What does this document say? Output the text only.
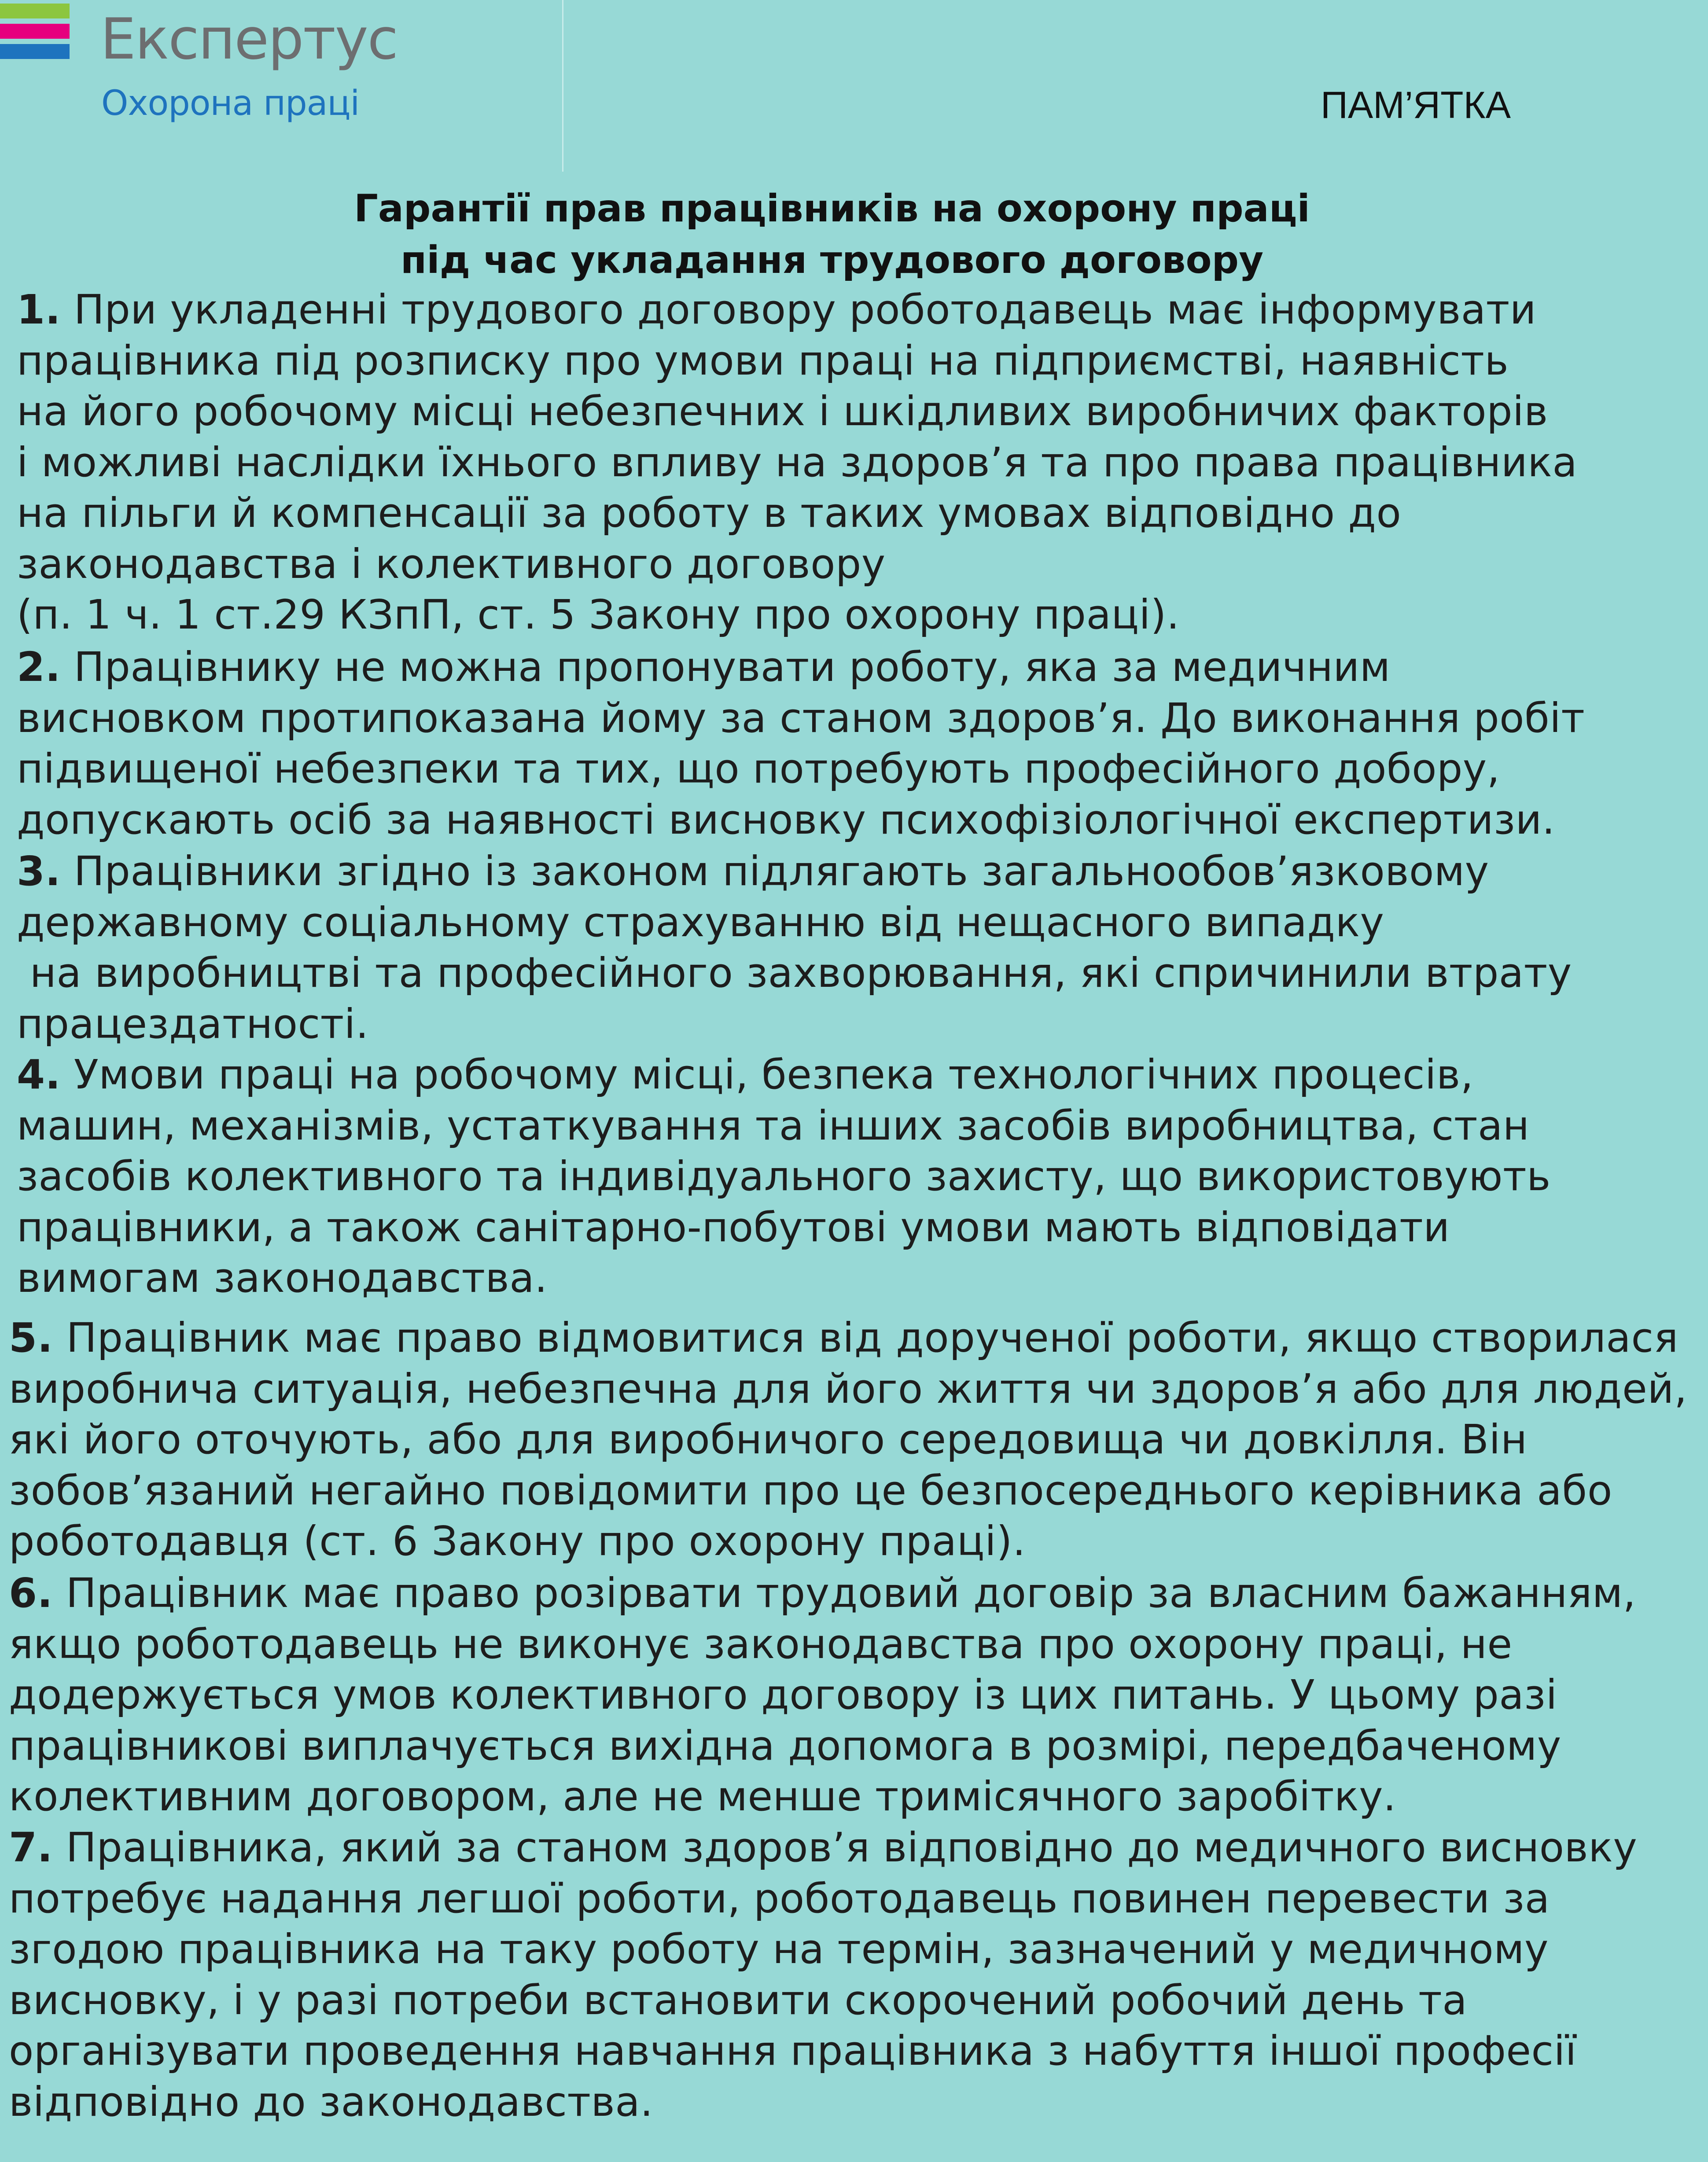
Експертус
Охорона праці	ПАМ’ЯТКА
Гарантії прав працівників на охорону праці
під час укладання трудового договору
1. При укладенні трудового договору роботодавець має інформувати
працівника під розписку про умови праці на підприємстві, наявність
на його робочому місці небезпечних і шкідливих виробничих факторів
і можливі наслідки їхнього впливу на здоров’я та про права працівника
на пільги й компенсації за роботу в таких умовах відповідно до
законодавства і колективного договору
(п. 1 ч. 1 ст.29 КЗпП, ст. 5 Закону про охорону праці).
2. Працівнику не можна пропонувати роботу, яка за медичним
висновком протипоказана йому за станом здоров’я. До виконання робіт
підвищеної небезпеки та тих, що потребують професійного добору,
допускають осіб за наявності висновку психофізіологічної експертизи.
3. Працівники згідно із законом підлягають загальнообов’язковому
державному соціальному страхуванню від нещасного випадку
на виробництві та професійного захворювання, які спричинили втрату
працездатності.
4. Умови праці на робочому місці, безпека технологічних процесів,
машин, механізмів, устаткування та інших засобів виробництва, стан
засобів колективного та індивідуального захисту, що використовують
працівники, а також санітарно-побутові умови мають відповідати
вимогам законодавства.
5. Працівник має право відмовитися від дорученої роботи, якщо створилася
виробнича ситуація, небезпечна для його життя чи здоров’я або для людей,
які його оточують, або для виробничого середовища чи довкілля. Він
зобов’язаний негайно повідомити про це безпосереднього керівника або
роботодавця (ст. 6 Закону про охорону праці).
6. Працівник має право розірвати трудовий договір за власним бажанням,
якщо роботодавець не виконує законодавства про охорону праці, не
додержується умов колективного договору із цих питань. У цьому разі
працівникові виплачується вихідна допомога в розмірі, передбаченому
колективним договором, але не менше тримісячного заробітку.
7. Працівника, який за станом здоров’я відповідно до медичного висновку
потребує надання легшої роботи, роботодавець повинен перевести за
згодою працівника на таку роботу на термін, зазначений у медичному
висновку, і у разі потреби встановити скорочений робочий день та
організувати проведення навчання працівника з набуття іншої професії
відповідно до законодавства.
